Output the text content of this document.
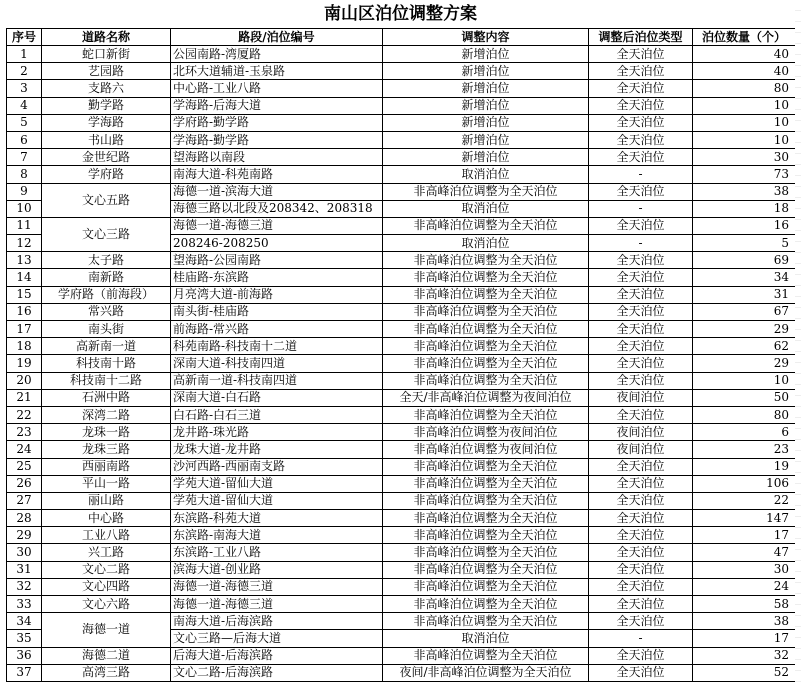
南山区泊位调整方案
序号	道路名称	路段/泊位编号	调整内容	调整后泊位类型	泊位数量（个）
1	蛇口新街	公园南路-湾厦路	新增泊位	全天泊位	40
2	艺园路	北环大道辅道-玉泉路	新增泊位	全天泊位	40
3	支路六	中心路-工业八路	新增泊位	全天泊位	80
4	勤学路	学海路-后海大道	新增泊位	全天泊位	10
5	学海路	学府路-勤学路	新增泊位	全天泊位	10
6	书山路	学海路-勤学路	新增泊位	全天泊位	10
7	金世纪路	望海路以南段	新增泊位	全天泊位	30
8	学府路	南海大道-科苑南路	取消泊位	-	73
9	文心五路	海德一道-滨海大道	非高峰泊位调整为全天泊位	全天泊位	38
10		海德三路以北段及208342、208318	取消泊位	-	18
11	文心三路	海德一道-海德三道	非高峰泊位调整为全天泊位	全天泊位	16
12		208246-208250	取消泊位	-	5
13	太子路	望海路-公园南路	非高峰泊位调整为全天泊位	全天泊位	69
14	南新路	桂庙路-东滨路	非高峰泊位调整为全天泊位	全天泊位	34
15	学府路（前海段）	月亮湾大道-前海路	非高峰泊位调整为全天泊位	全天泊位	31
16	常兴路	南头街-桂庙路	非高峰泊位调整为全天泊位	全天泊位	67
17	南头街	前海路-常兴路	非高峰泊位调整为全天泊位	全天泊位	29
18	高新南一道	科苑南路-科技南十二道	非高峰泊位调整为全天泊位	全天泊位	62
19	科技南十路	深南大道-科技南四道	非高峰泊位调整为全天泊位	全天泊位	29
20	科技南十二路	高新南一道-科技南四道	非高峰泊位调整为全天泊位	全天泊位	10
21	石洲中路	深南大道-白石路	全天/非高峰泊位调整为夜间泊位	夜间泊位	50
22	深湾二路	白石路-白石三道	非高峰泊位调整为全天泊位	全天泊位	80
23	龙珠一路	龙井路-珠光路	非高峰泊位调整为夜间泊位	夜间泊位	6
24	龙珠三路	龙珠大道-龙井路	非高峰泊位调整为夜间泊位	夜间泊位	23
25	西丽南路	沙河西路-西丽南支路	非高峰泊位调整为全天泊位	全天泊位	19
26	平山一路	学苑大道-留仙大道	非高峰泊位调整为全天泊位	全天泊位	106
27	丽山路	学苑大道-留仙大道	非高峰泊位调整为全天泊位	全天泊位	22
28	中心路	东滨路-科苑大道	非高峰泊位调整为全天泊位	全天泊位	147
29	工业八路	东滨路-南海大道	非高峰泊位调整为全天泊位	全天泊位	17
30	兴工路	东滨路-工业八路	非高峰泊位调整为全天泊位	全天泊位	47
31	文心二路	滨海大道-创业路	非高峰泊位调整为全天泊位	全天泊位	30
32	文心四路	海德一道-海德三道	非高峰泊位调整为全天泊位	全天泊位	24
33	文心六路	海德一道-海德三道	非高峰泊位调整为全天泊位	全天泊位	58
34	海德一道	南海大道-后海滨路	非高峰泊位调整为全天泊位	全天泊位	38
35		文心三路—后海大道	取消泊位	-	17
36	海德二道	后海大道-后海滨路	非高峰泊位调整为全天泊位	全天泊位	32
37	高湾三路	文心二路-后海滨路	夜间/非高峰泊位调整为全天泊位	全天泊位	52
